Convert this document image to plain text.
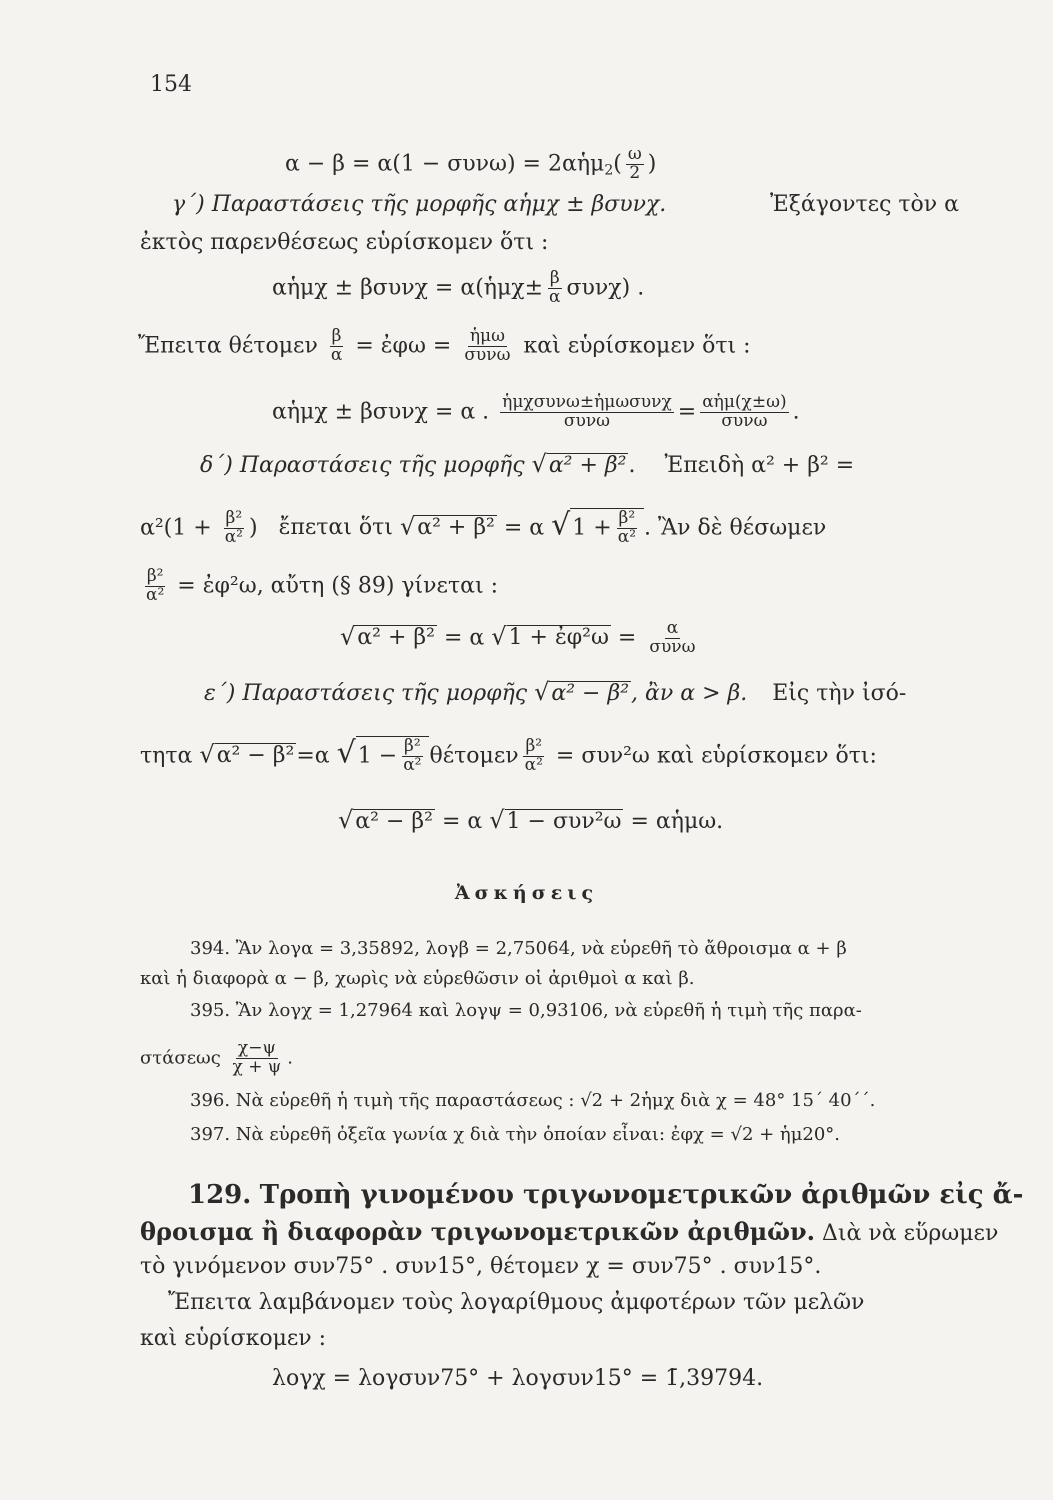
154
α − β = α(1 − συνω) = 2αἡμ2( $\frac{\omega}{2}$ )
γ΄) Παραστάσεις τῆς μορφῆς αἡμχ ± βσυνχ.	Ἐξάγοντες τὸν α
ἐκτὸς παρενθέσεως εὑρίσκομεν ὅτι :
αἡμχ ± βσυνχ = α(ἡμχ± $\frac{\beta}{\alpha} \sigma\upsilon\nu\chi$) .
Ἔπειτα θέτομεν $\frac{\beta}{\alpha}$ = ἐφω = $\frac{\text{ἡμω}}{\text{συνω}}$ καὶ εὑρίσκομεν ὅτι :
αἡμχ ± βσυνχ = α . $\frac{\text{ἡμχσυνω±ἡμωσυνχ}}{\text{συνω}} = \frac{\text{αἡμ(χ±ω)}}{\text{συνω}}$ .
δ΄) Παραστάσεις τῆς μορφῆς √α² + β². Ἐπειδὴ α² + β² =
$\alpha^2(1 + \frac{\text{β²}}{\text{α²}}$ ) ἔπεται ὅτι √α² + β² = α $√1 + \frac{\text{β²}}{\text{α²}}$ . Ἂν δὲ θέσωμεν
$\frac{\text{β²}}{\text{α²}}$ = ἐφ²ω, αὔτη (§ 89) γίνεται :
√α² + β² = α √1 + ἐφ²ω = $\frac{\alpha}{\text{συνω}}$
ε΄) Παραστάσεις τῆς μορφῆς √α² − β², ἂν α > β. Εἰς τὴν ἰσό-
τητα √α² − β²=α $√1 - \frac{\text{β²}}{\text{α²}}$ θέτομεν $\frac{\text{β²}}{\text{α²}} = \sigma\upsilon\nu^2\omega$ καὶ εὑρίσκομεν ὅτι:
√α² − β² = α √1 − συν²ω = αἡμω.
Ἀσκήσεις
394. Ἂν λογα = 3,35892, λογβ = 2,75064, νὰ εὑρεθῆ τὸ ἄθροισμα α + β
καὶ ἡ διαφορὰ α − β, χωρὶς νὰ εὑρεθῶσιν οἱ ἀριθμοὶ α καὶ β.
395. Ἂν λογχ = 1,27964 καὶ λογψ = 0,93106, νὰ εὑρεθῆ ἡ τιμὴ τῆς παρα-
στάσεως $\frac{\chi-\psi}{\chi + \psi}$ .
396. Νὰ εὑρεθῆ ἡ τιμὴ τῆς παραστάσεως : √2 + 2ἡμχ διὰ χ = 48° 15΄ 40΄΄.
397. Νὰ εὑρεθῆ ὀξεῖα γωνία χ διὰ τὴν ὁποίαν εἶναι: ἐφχ = √2 + ἡμ20°.
129. Τροπὴ γινομένου τριγωνομετρικῶν ἀριθμῶν εἰς ἄ-
θροισμα ἢ διαφορὰν τριγωνομετρικῶν ἀριθμῶν. Διὰ νὰ εὕρωμεν
τὸ γινόμενον συν75° . συν15°, θέτομεν χ = συν75° . συν15°.
Ἔπειτα λαμβάνομεν τοὺς λογαρίθμους ἀμφοτέρων τῶν μελῶν
καὶ εὑρίσκομεν :
λογχ = λογσυν75° + λογσυν15° = 1̄,39794.
